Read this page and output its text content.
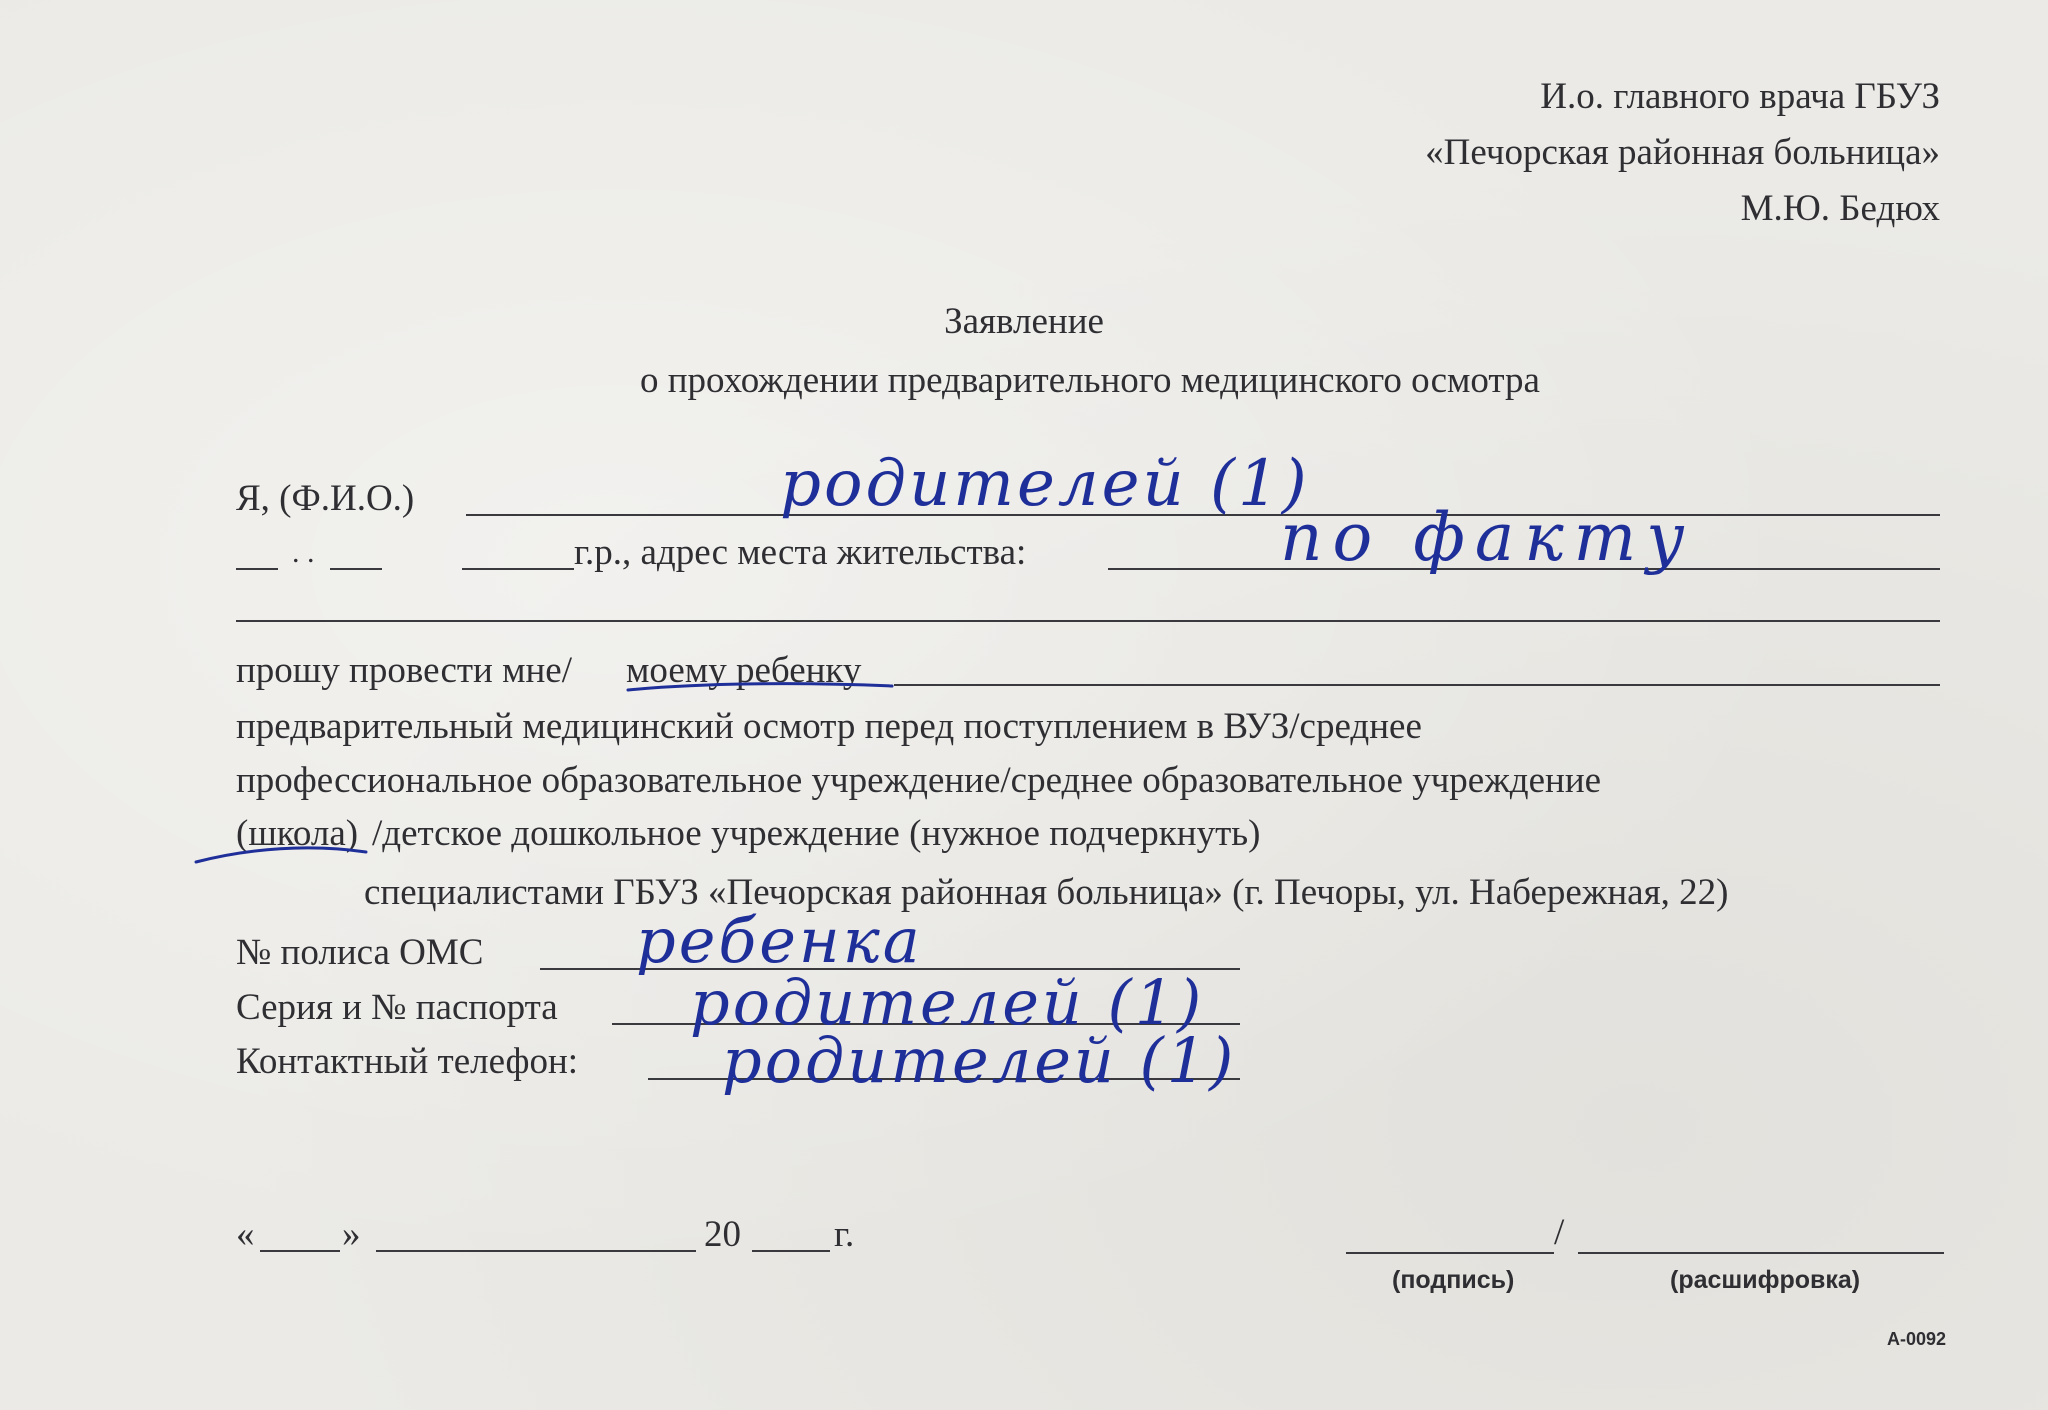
И.о. главного врача ГБУЗ
«Печорская районная больница»
М.Ю. Бедюх
Заявление
о прохождении предварительного медицинского осмотра
Я, (Ф.И.О.)	родителей (1)
. .	г.р., адрес места жительства:	по факту
прошу провести мне/ моему ребенку
предварительный медицинский осмотр перед поступлением в ВУЗ/среднее
профессиональное образовательное учреждение/среднее образовательное учреждение
(школа) /детское дошкольное учреждение (нужное подчеркнуть)
специалистами ГБУЗ «Печорская районная больница» (г. Печоры, ул. Набережная, 22)
№ полиса ОМС ребенка
Серия и № паспорта родителей (1)
Контактный телефон: родителей (1)
« »	20	г.	/
(подпись)	(расшифровка)
А-0092
